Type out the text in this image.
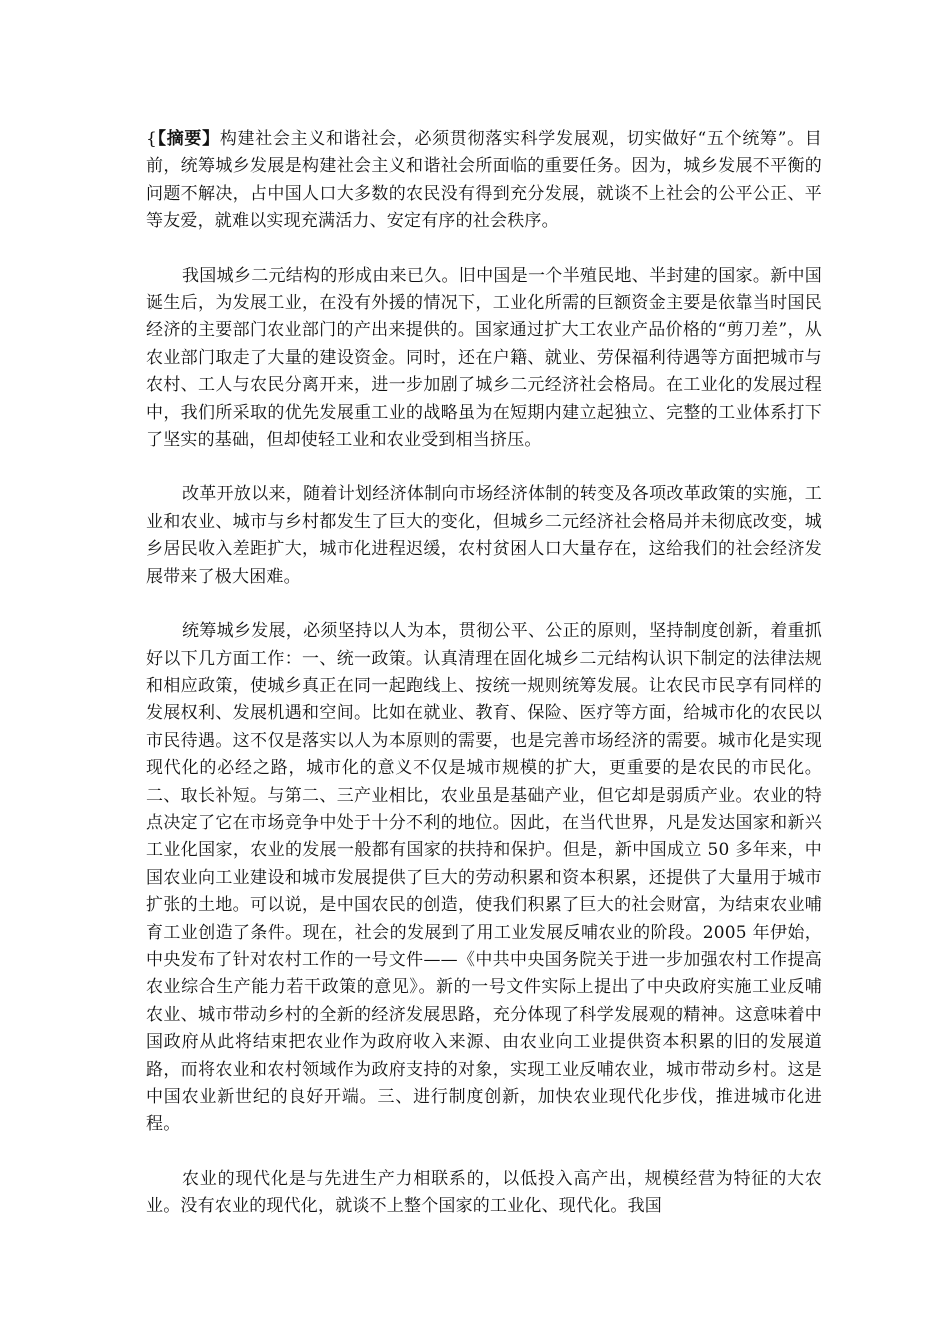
{【摘要】构建社会主义和谐社会，必须贯彻落实科学发展观，切实做好“五个统筹”。目前，统筹城乡发展是构建社会主义和谐社会所面临的重要任务。因为，城乡发展不平衡的问题不解决，占中国人口大多数的农民没有得到充分发展，就谈不上社会的公平公正、平等友爱，就难以实现充满活力、安定有序的社会秩序。

我国城乡二元结构的形成由来已久。旧中国是一个半殖民地、半封建的国家。新中国诞生后，为发展工业，在没有外援的情况下，工业化所需的巨额资金主要是依靠当时国民经济的主要部门农业部门的产出来提供的。国家通过扩大工农业产品价格的“剪刀差”，从农业部门取走了大量的建设资金。同时，还在户籍、就业、劳保福利待遇等方面把城市与农村、工人与农民分离开来，进一步加剧了城乡二元经济社会格局。在工业化的发展过程中，我们所采取的优先发展重工业的战略虽为在短期内建立起独立、完整的工业体系打下了坚实的基础，但却使轻工业和农业受到相当挤压。

改革开放以来，随着计划经济体制向市场经济体制的转变及各项改革政策的实施，工业和农业、城市与乡村都发生了巨大的变化，但城乡二元经济社会格局并未彻底改变，城乡居民收入差距扩大，城市化进程迟缓，农村贫困人口大量存在，这给我们的社会经济发展带来了极大困难。

统筹城乡发展，必须坚持以人为本，贯彻公平、公正的原则，坚持制度创新，着重抓好以下几方面工作：一、统一政策。认真清理在固化城乡二元结构认识下制定的法律法规和相应政策，使城乡真正在同一起跑线上、按统一规则统筹发展。让农民市民享有同样的发展权利、发展机遇和空间。比如在就业、教育、保险、医疗等方面，给城市化的农民以市民待遇。这不仅是落实以人为本原则的需要，也是完善市场经济的需要。城市化是实现现代化的必经之路，城市化的意义不仅是城市规模的扩大，更重要的是农民的市民化。二、取长补短。与第二、三产业相比，农业虽是基础产业，但它却是弱质产业。农业的特点决定了它在市场竞争中处于十分不利的地位。因此，在当代世界，凡是发达国家和新兴工业化国家，农业的发展一般都有国家的扶持和保护。但是，新中国成立 50 多年来，中国农业向工业建设和城市发展提供了巨大的劳动积累和资本积累，还提供了大量用于城市扩张的土地。可以说，是中国农民的创造，使我们积累了巨大的社会财富，为结束农业哺育工业创造了条件。现在，社会的发展到了用工业发展反哺农业的阶段。2005 年伊始，中央发布了针对农村工作的一号文件——《中共中央国务院关于进一步加强农村工作提高农业综合生产能力若干政策的意见》。新的一号文件实际上提出了中央政府实施工业反哺农业、城市带动乡村的全新的经济发展思路，充分体现了科学发展观的精神。这意味着中国政府从此将结束把农业作为政府收入来源、由农业向工业提供资本积累的旧的发展道路，而将农业和农村领域作为政府支持的对象，实现工业反哺农业，城市带动乡村。这是中国农业新世纪的良好开端。三、进行制度创新，加快农业现代化步伐，推进城市化进程。

农业的现代化是与先进生产力相联系的，以低投入高产出，规模经营为特征的大农业。没有农业的现代化，就谈不上整个国家的工业化、现代化。我国
